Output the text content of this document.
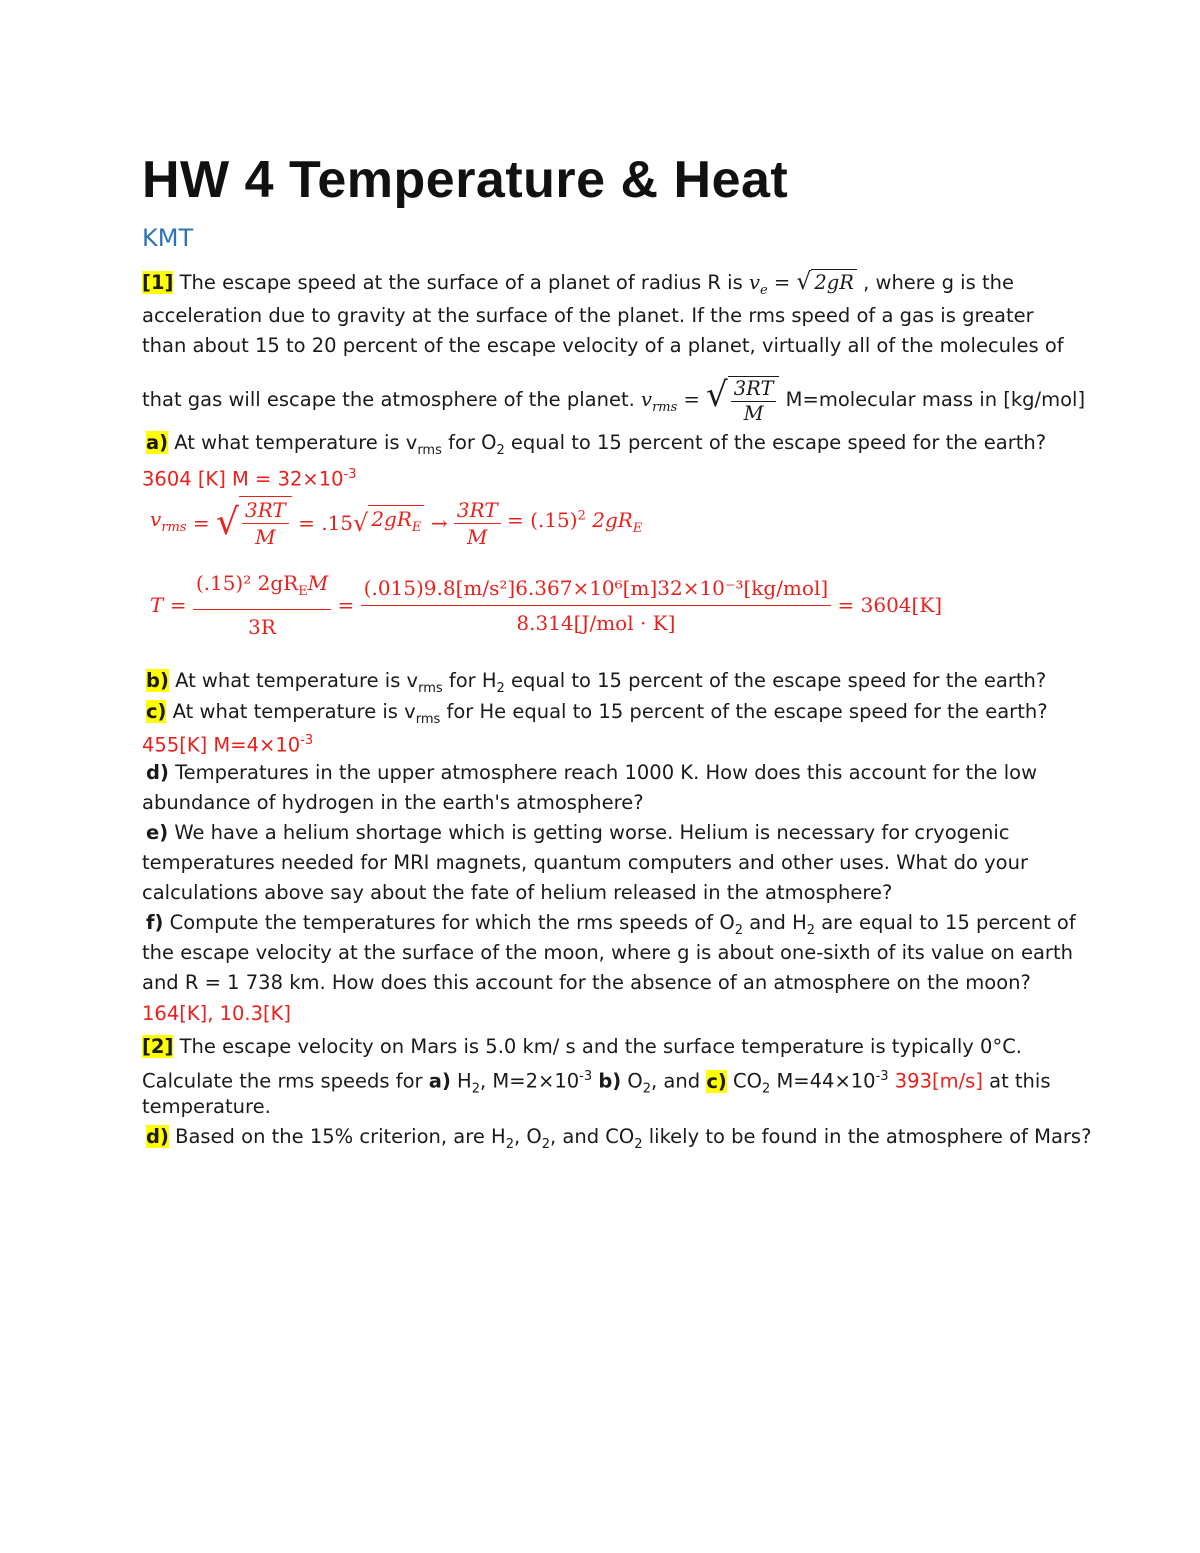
HW 4 Temperature & Heat
KMT
[1] The escape speed at the surface of a planet of radius R is $v_e$ = √ 2gR , where g is the
acceleration due to gravity at the surface of the planet. If the rms speed of a gas is greater
than about 15 to 20 percent of the escape velocity of a planet, virtually all of the molecules of
that gas will escape the atmosphere of the planet. $v_{rms}$ = √ $\frac{3RT}{M}$ M=molecular mass in [kg/mol]
a) At what temperature is $v_{rms}$ for $O_2$ equal to 15 percent of the escape speed for the earth?
3604 [K] $M = 32\times 10^{-3}$
$v_{rms}$ = √ $\frac{3RT}{M} = .15√$ $2gR_E \to \frac{3RT}{M} = (.15)^2$ $2gR_E$
$T = \frac{(.15)^2 2gR_EM}{3R} = \frac{\text{(.015)9.8[m/s²]6.367×10⁶[m]32×10⁻³[kg/mol]}}{\text{8.314[J/mol · K]}} = 3604[K]$
b) At what temperature is $v_{rms}$ for $H_2$ equal to 15 percent of the escape speed for the earth?
c) At what temperature is $v_{rms}$ for He equal to 15 percent of the escape speed for the earth?
455[K] $M=4\times 10^{-3}$
d) Temperatures in the upper atmosphere reach 1000 K. How does this account for the low
abundance of hydrogen in the earth's atmosphere?
e) We have a helium shortage which is getting worse. Helium is necessary for cryogenic
temperatures needed for MRI magnets, quantum computers and other uses. What do your
calculations above say about the fate of helium released in the atmosphere?
f) Compute the temperatures for which the rms speeds of $O_2$ and $H_2$ are equal to 15 percent of
the escape velocity at the surface of the moon, where g is about one-sixth of its value on earth
and R = 1 738 km. How does this account for the absence of an atmosphere on the moon?
164[K], 10.3[K]
[2] The escape velocity on Mars is 5.0 km/ s and the surface temperature is typically 0°C.
Calculate the rms speeds for a) $H_2$, $M=2\times 10^{-3}$ b) $O_2$, and c) $CO_2$ $M=44\times 10^{-3}$ 393[m/s] at this
temperature.
d) Based on the 15% criterion, are $H_2$, $O_2$, and $CO_2$ likely to be found in the atmosphere of Mars?
